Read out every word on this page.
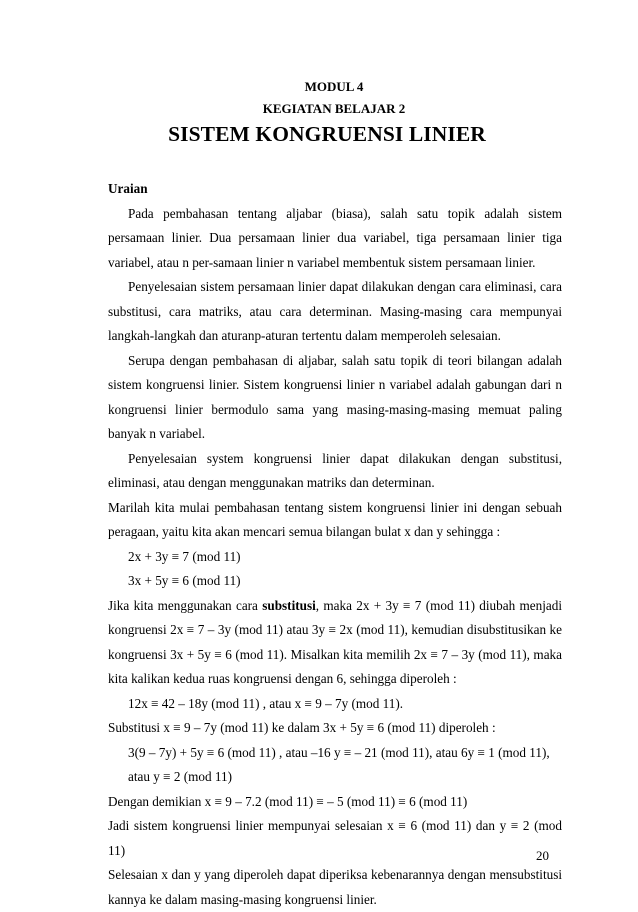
MODUL 4
KEGIATAN BELAJAR 2
SISTEM KONGRUENSI LINIER

Uraian

Pada pembahasan tentang aljabar (biasa), salah satu topik adalah sistem persamaan linier. Dua persamaan linier dua variabel, tiga persamaan linier tiga variabel, atau n per-samaan linier n variabel membentuk sistem persamaan linier.

Penyelesaian sistem persamaan linier dapat dilakukan dengan cara eliminasi, cara substitusi, cara matriks, atau cara determinan. Masing-masing cara mempunyai langkah-langkah dan aturanp-aturan tertentu dalam memperoleh selesaian.

Serupa dengan pembahasan di aljabar, salah satu topik di teori bilangan adalah sistem kongruensi linier. Sistem kongruensi linier n variabel adalah gabungan dari n kongruensi linier bermodulo sama yang masing-masing-masing memuat paling banyak n variabel.

Penyelesaian system kongruensi linier dapat dilakukan dengan substitusi, eliminasi, atau dengan menggunakan matriks dan determinan.

Marilah kita mulai pembahasan tentang sistem kongruensi linier ini dengan sebuah peragaan, yaitu kita akan mencari semua bilangan bulat x dan y sehingga :

2x + 3y ≡ 7 (mod 11)

3x + 5y ≡ 6 (mod 11)

Jika kita menggunakan cara substitusi, maka 2x + 3y ≡ 7 (mod 11) diubah menjadi kongruensi 2x ≡ 7 – 3y (mod 11) atau 3y ≡ 2x (mod 11), kemudian disubstitusikan ke kongruensi 3x + 5y ≡ 6 (mod 11). Misalkan kita memilih 2x ≡ 7 – 3y (mod 11), maka kita kalikan kedua ruas kongruensi dengan 6, sehingga diperoleh :

12x ≡ 42 – 18y (mod 11) , atau x ≡ 9 – 7y (mod 11).

Substitusi x ≡ 9 – 7y (mod 11) ke dalam 3x + 5y ≡ 6 (mod 11) diperoleh :

3(9 – 7y) + 5y ≡ 6 (mod 11) , atau –16 y ≡ – 21 (mod 11), atau 6y ≡ 1 (mod 11),

atau y ≡ 2 (mod 11)

Dengan demikian x ≡ 9 – 7.2 (mod 11) ≡ – 5 (mod 11) ≡ 6 (mod 11)

Jadi sistem kongruensi linier mempunyai selesaian x ≡ 6 (mod 11) dan y ≡ 2 (mod 11)

Selesaian x dan y yang diperoleh dapat diperiksa kebenarannya dengan mensubstitusi kannya ke dalam masing-masing kongruensi linier.

20
